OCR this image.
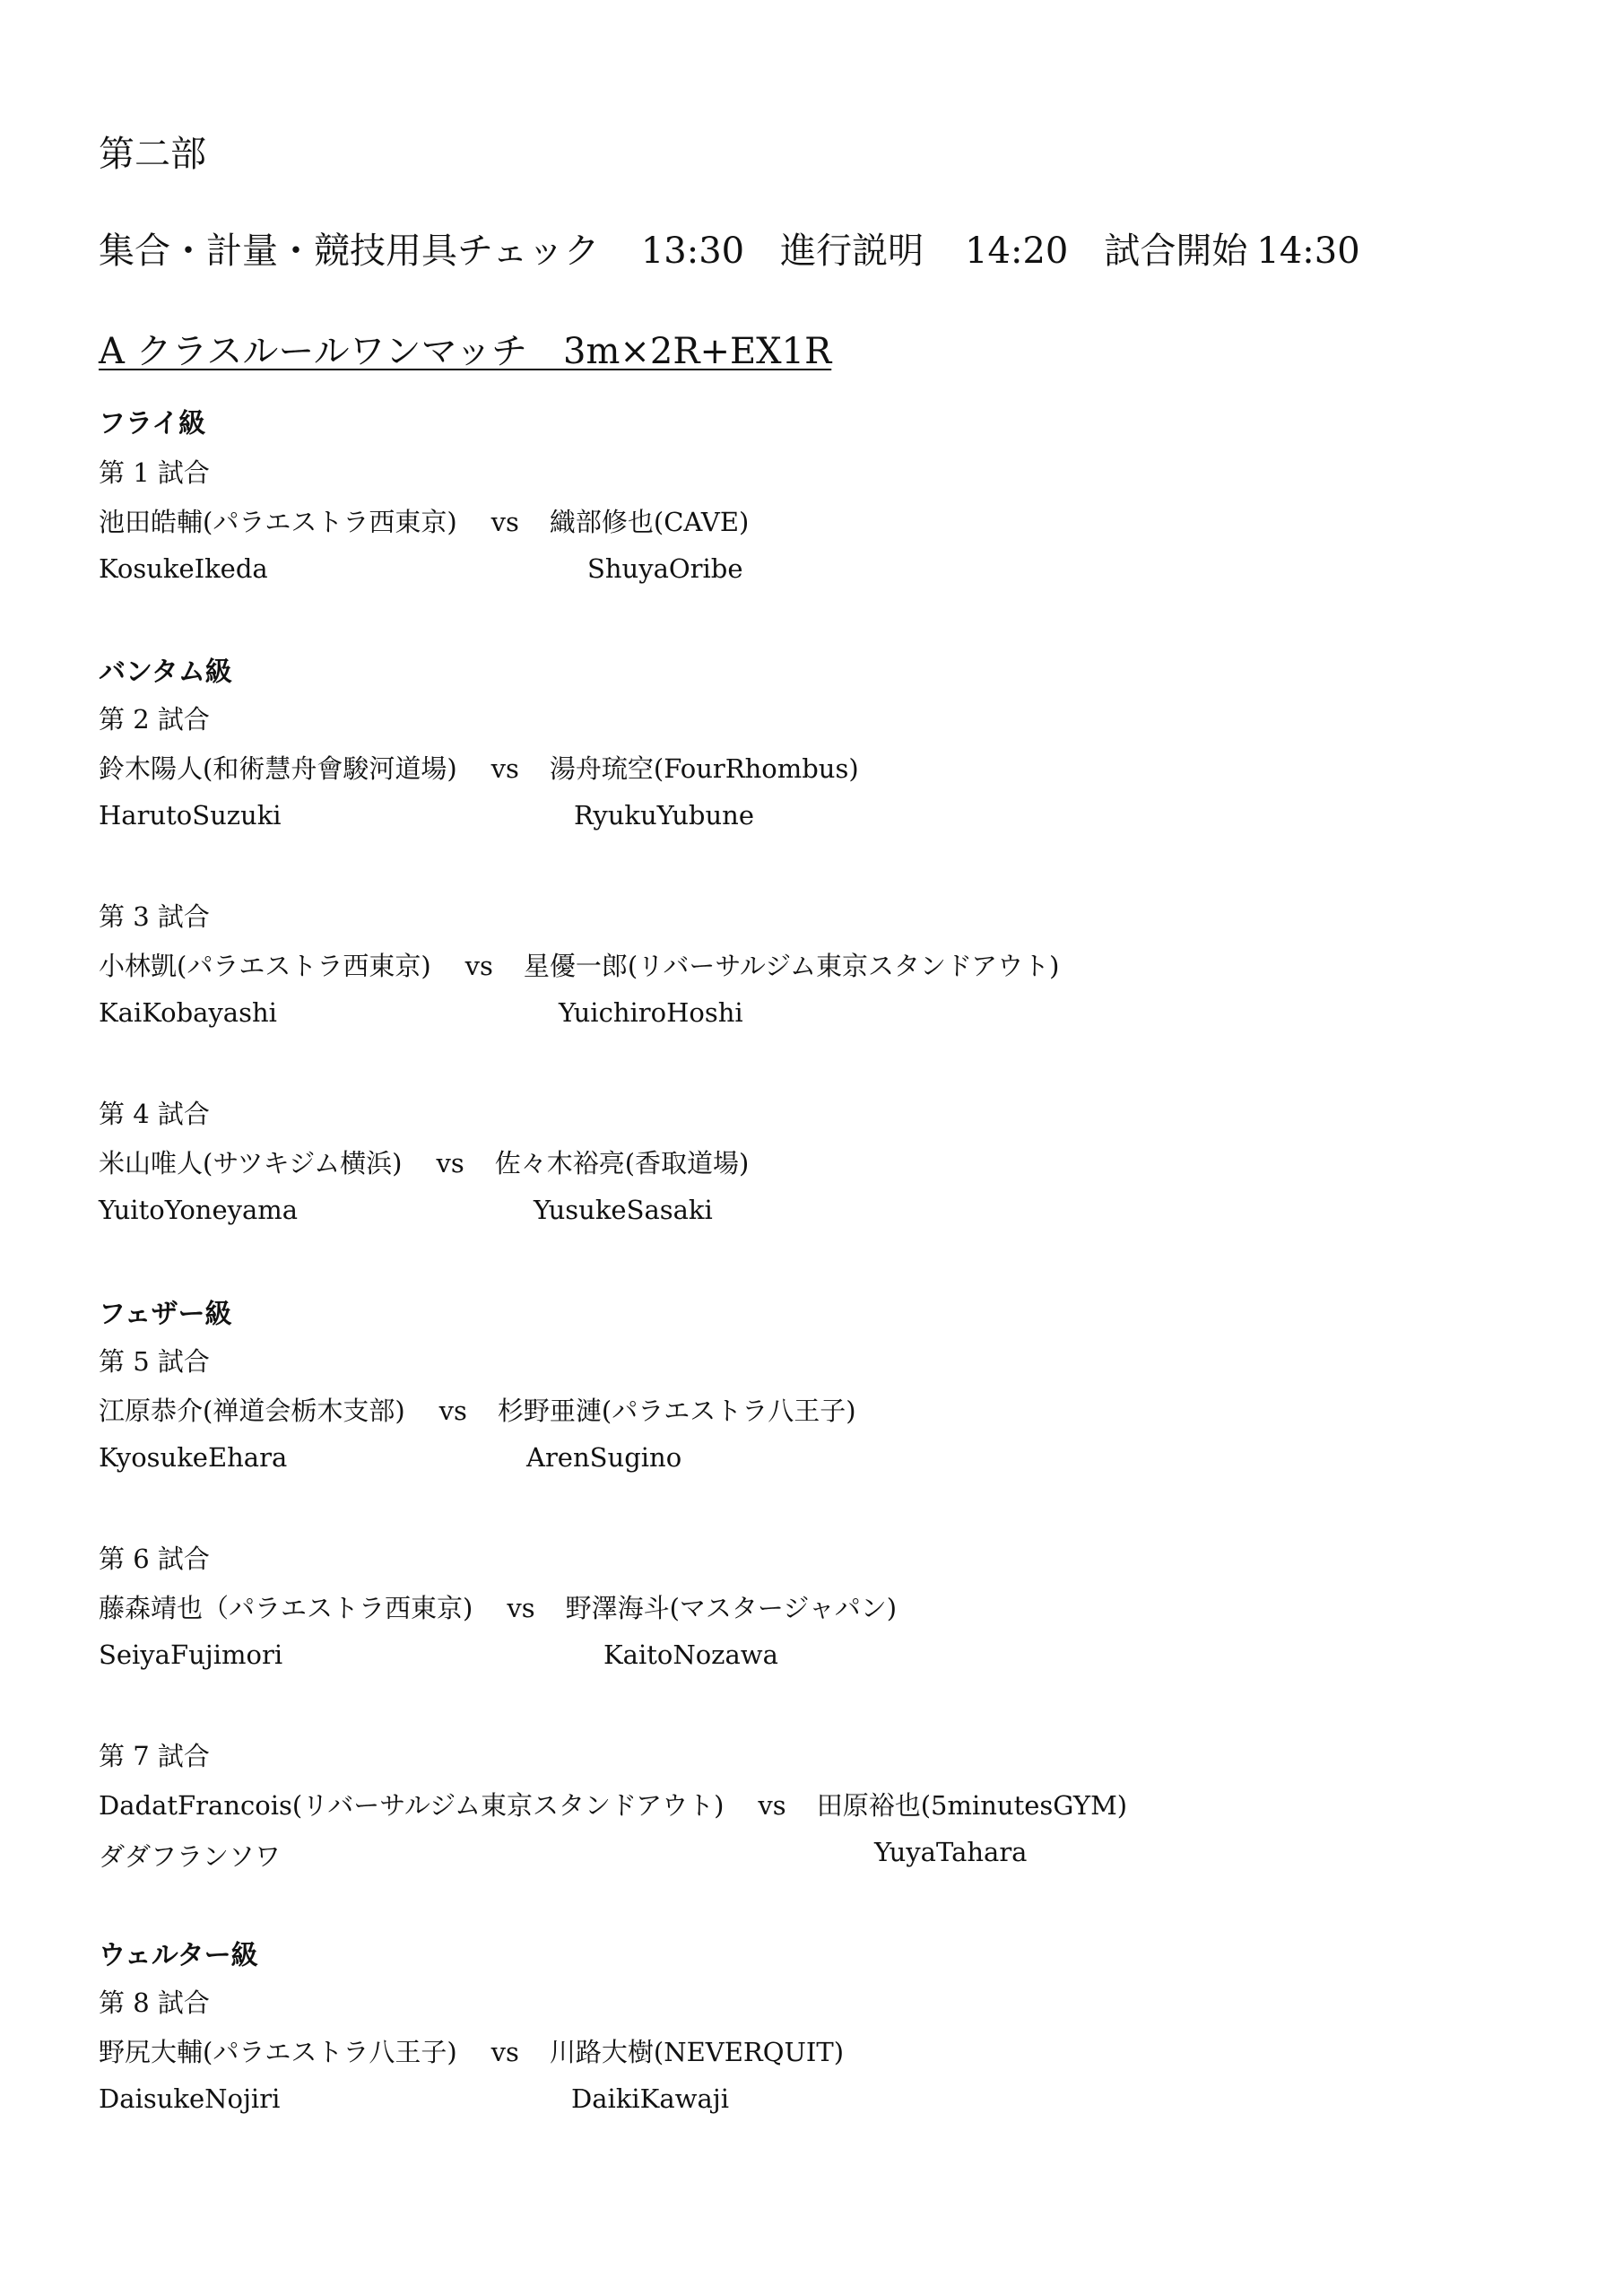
第二部
集合・計量・競技用具チェック 13:30 進行説明 14:20 試合開始 14:30
A クラスルールワンマッチ　3m×2R+EX1R
フライ級
第 1 試合
池田皓輔(パラエストラ西東京) vs 織部修也(CAVE)
KosukeIkeda	ShuyaOribe
バンタム級
第 2 試合
鈴木陽人(和術慧舟會駿河道場) vs 湯舟琉空(FourRhombus)
HarutoSuzuki	RyukuYubune
第 3 試合
小林凱(パラエストラ西東京) vs 星優一郎(リバーサルジム東京スタンドアウト)
KaiKobayashi	YuichiroHoshi
第 4 試合
米山唯人(サツキジム横浜) vs 佐々木裕亮(香取道場)
YuitoYoneyama	YusukeSasaki
フェザー級
第 5 試合
江原恭介(禅道会栃木支部) vs 杉野亜漣(パラエストラ八王子)
KyosukeEhara	ArenSugino
第 6 試合
藤森靖也（パラエストラ西東京) vs 野澤海斗(マスタージャパン)
SeiyaFujimori	KaitoNozawa
第 7 試合
DadatFrancois(リバーサルジム東京スタンドアウト) vs 田原裕也(5minutesGYM)
ダダフランソワ	YuyaTahara
ウェルター級
第 8 試合
野尻大輔(パラエストラ八王子) vs 川路大樹(NEVERQUIT)
DaisukeNojiri	DaikiKawaji
